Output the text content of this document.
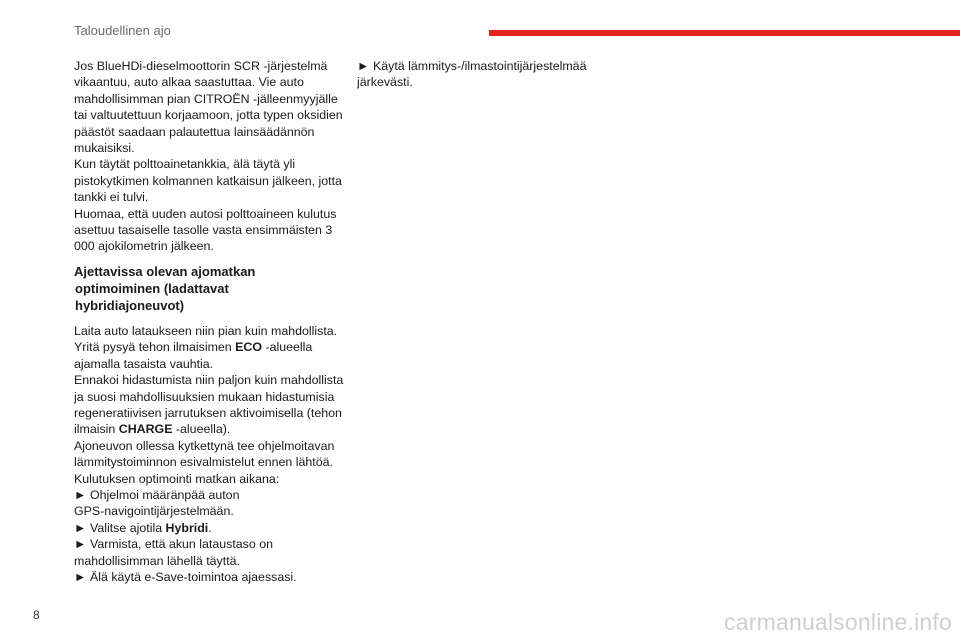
Taloudellinen ajo

Jos BlueHDi-dieselmoottorin SCR -järjestelmä

vikaantuu, auto alkaa saastuttaa. Vie auto

mahdollisimman pian CITROËN -jälleenmyyjälle

tai valtuutettuun korjaamoon, jotta typen oksidien

päästöt saadaan palautettua lainsäädännön

mukaisiksi.

Kun täytät polttoainetankkia, älä täytä yli

pistokytkimen kolmannen katkaisun jälkeen, jotta

tankki ei tulvi.

Huomaa, että uuden autosi polttoaineen kulutus

asettuu tasaiselle tasolle vasta ensimmäisten 3

000 ajokilometrin jälkeen.

Ajettavissa olevan ajomatkan
optimoiminen (ladattavat
hybridiajoneuvot)

Laita auto lataukseen niin pian kuin mahdollista.

Yritä pysyä tehon ilmaisimen ECO -alueella

ajamalla tasaista vauhtia.

Ennakoi hidastumista niin paljon kuin mahdollista

ja suosi mahdollisuuksien mukaan hidastumisia

regeneratiivisen jarrutuksen aktivoimisella (tehon

ilmaisin CHARGE -alueella).

Ajoneuvon ollessa kytkettynä tee ohjelmoitavan

lämmitystoiminnon esivalmistelut ennen lähtöä.

Kulutuksen optimointi matkan aikana:

► Ohjelmoi määränpää auton

GPS-navigointijärjestelmään.

► Valitse ajotila Hybridi.

► Varmista, että akun lataustaso on

mahdollisimman lähellä täyttä.

► Älä käytä e-Save-toimintoa ajaessasi.

► Käytä lämmitys-/ilmastointijärjestelmää

järkevästi.

8	carmanualsonline.info
